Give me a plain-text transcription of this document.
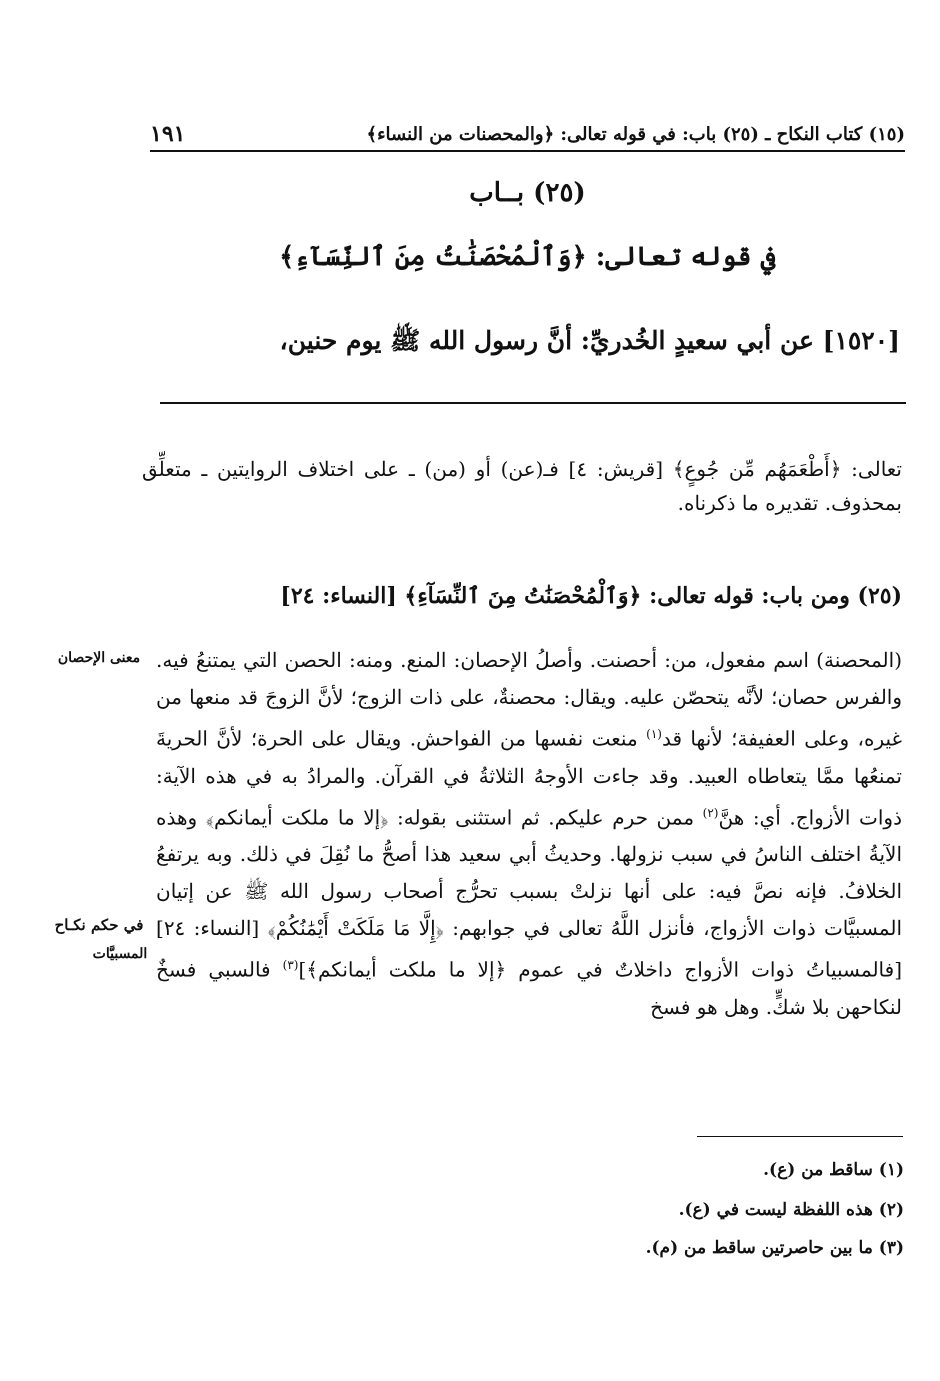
(١٥) كتاب النكاح ـ (٢٥) باب: في قوله تعالى: ﴿والمحصنات من النساء﴾
١٩١
(٢٥) بــاب
في قوله تعالى: ﴿وَٱلْمُحْصَنَٰتُ مِنَ ٱلنِّسَآءِ﴾
[١٥٢٠] عن أبي سعيدٍ الخُدريِّ: أنَّ رسول الله ﷺ يوم حنين،
تعالى: ﴿أَطْعَمَهُم مِّن جُوعٍ﴾ [قريش: ٤] فـ(عن) أو (من) ـ على اختلاف الروايتين ـ متعلِّق بمحذوف. تقديره ما ذكرناه.
(٢٥) ومن باب: قوله تعالى: ﴿وَٱلْمُحْصَنَٰتُ مِنَ ٱلنِّسَآءِ﴾ [النساء: ٢٤]
(المحصنة) اسم مفعول، من: أحصنت. وأصلُ الإحصان: المنع. ومنه: الحصن التي يمتنعُ فيه. والفرس حصان؛ لأنَّه يتحصّن عليه. ويقال: محصنةٌ، على ذات الزوج؛ لأنَّ الزوجَ قد منعها من غيره، وعلى العفيفة؛ لأنها قد$^{(١)}$ منعت نفسها من الفواحش. ويقال على الحرة؛ لأنَّ الحريةَ تمنعُها ممَّا يتعاطاه العبيد. وقد جاءت الأوجهُ الثلاثةُ في القرآن. والمرادُ به في هذه الآية: ذوات الأزواج. أي: هنَّ$^{(٢)}$ ممن حرم عليكم. ثم استثنى بقوله: ﴿إلا ما ملكت أيمانكم﴾ وهذه الآيةُ اختلف الناسُ في سبب نزولها. وحديثُ أبي سعيد هذا أصحُّ ما نُقِلَ في ذلك. وبه يرتفعُ الخلافُ. فإنه نصَّ فيه: على أنها نزلتْ بسبب تحرُّج أصحاب رسول الله ﷺ عن إتيان المسبيَّات ذوات الأزواج، فأنزل اللَّهُ تعالى في جوابهم: ﴿إِلَّا مَا مَلَكَتْ أَيْمَٰنُكُمْ﴾ [النساء: ٢٤] [فالمسبياتُ ذوات الأزواج داخلاتٌ في عموم ﴿إلا ما ملكت أيمانكم﴾]$^{(٣)}$ فالسبي فسخٌ لنكاحهن بلا شكٍّ. وهل هو فسخ
معنى الإحصان
في حكم نكـاح
المسبيَّات
(١) ساقط من (ع).
(٢) هذه اللفظة ليست في (ع).
(٣) ما بين حاصرتين ساقط من (م).
